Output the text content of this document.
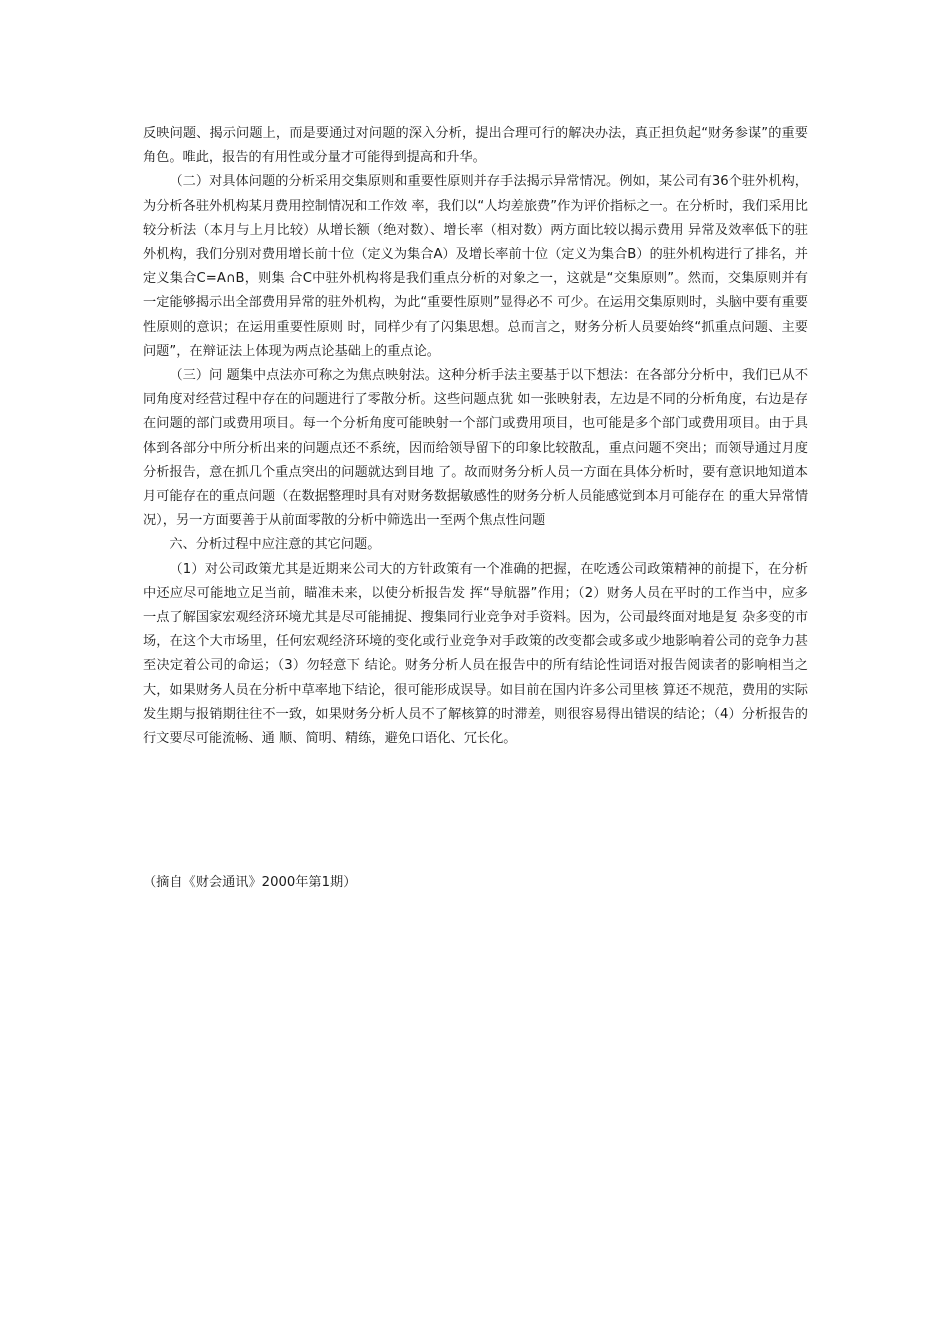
反映问题、揭示问题上，而是要通过对问题的深入分析，提出合理可行的解决办法，真正担负起“财务参谋”的重要角色。唯此，报告的有用性或分量才可能得到提高和升华。

（二）对具体问题的分析采用交集原则和重要性原则并存手法揭示异常情况。例如，某公司有36个驻外机构，为分析各驻外机构某月费用控制情况和工作效 率，我们以“人均差旅费”作为评价指标之一。在分析时，我们采用比较分析法（本月与上月比较）从增长额（绝对数）、增长率（相对数）两方面比较以揭示费用 异常及效率低下的驻外机构，我们分别对费用增长前十位（定义为集合A）及增长率前十位（定义为集合B）的驻外机构进行了排名，并定义集合C=A∩B，则集 合C中驻外机构将是我们重点分析的对象之一，这就是“交集原则”。然而，交集原则并有一定能够揭示出全部费用异常的驻外机构，为此“重要性原则”显得必不 可少。在运用交集原则时，头脑中要有重要性原则的意识；在运用重要性原则 时，同样少有了闪集思想。总而言之，财务分析人员要始终“抓重点问题、主要问题”，在辩证法上体现为两点论基础上的重点论。

（三）问 题集中点法亦可称之为焦点映射法。这种分析手法主要基于以下想法：在各部分分析中，我们已从不同角度对经营过程中存在的问题进行了零散分析。这些问题点犹 如一张映射表，左边是不同的分析角度，右边是存在问题的部门或费用项目。每一个分析角度可能映射一个部门或费用项目，也可能是多个部门或费用项目。由于具 体到各部分中所分析出来的问题点还不系统，因而给领导留下的印象比较散乱，重点问题不突出；而领导通过月度分析报告，意在抓几个重点突出的问题就达到目地 了。故而财务分析人员一方面在具体分析时，要有意识地知道本月可能存在的重点问题（在数据整理时具有对财务数据敏感性的财务分析人员能感觉到本月可能存在 的重大异常情况），另一方面要善于从前面零散的分析中筛选出一至两个焦点性问题

六、分析过程中应注意的其它问题。

（1）对公司政策尤其是近期来公司大的方针政策有一个准确的把握，在吃透公司政策精神的前提下，在分析中还应尽可能地立足当前，瞄准未来，以使分析报告发 挥“导航器”作用；（2）财务人员在平时的工作当中，应多一点了解国家宏观经济环境尤其是尽可能捕捉、搜集同行业竞争对手资料。因为，公司最终面对地是复 杂多变的市场，在这个大市场里，任何宏观经济环境的变化或行业竞争对手政策的改变都会或多或少地影响着公司的竞争力甚至决定着公司的命运；（3）勿轻意下 结论。财务分析人员在报告中的所有结论性词语对报告阅读者的影响相当之大，如果财务人员在分析中草率地下结论，很可能形成误导。如目前在国内许多公司里核 算还不规范，费用的实际发生期与报销期往往不一致，如果财务分析人员不了解核算的时滞差，则很容易得出错误的结论；（4）分析报告的行文要尽可能流畅、通 顺、简明、精练，避免口语化、冗长化。

（摘自《财会通讯》2000年第1期）
